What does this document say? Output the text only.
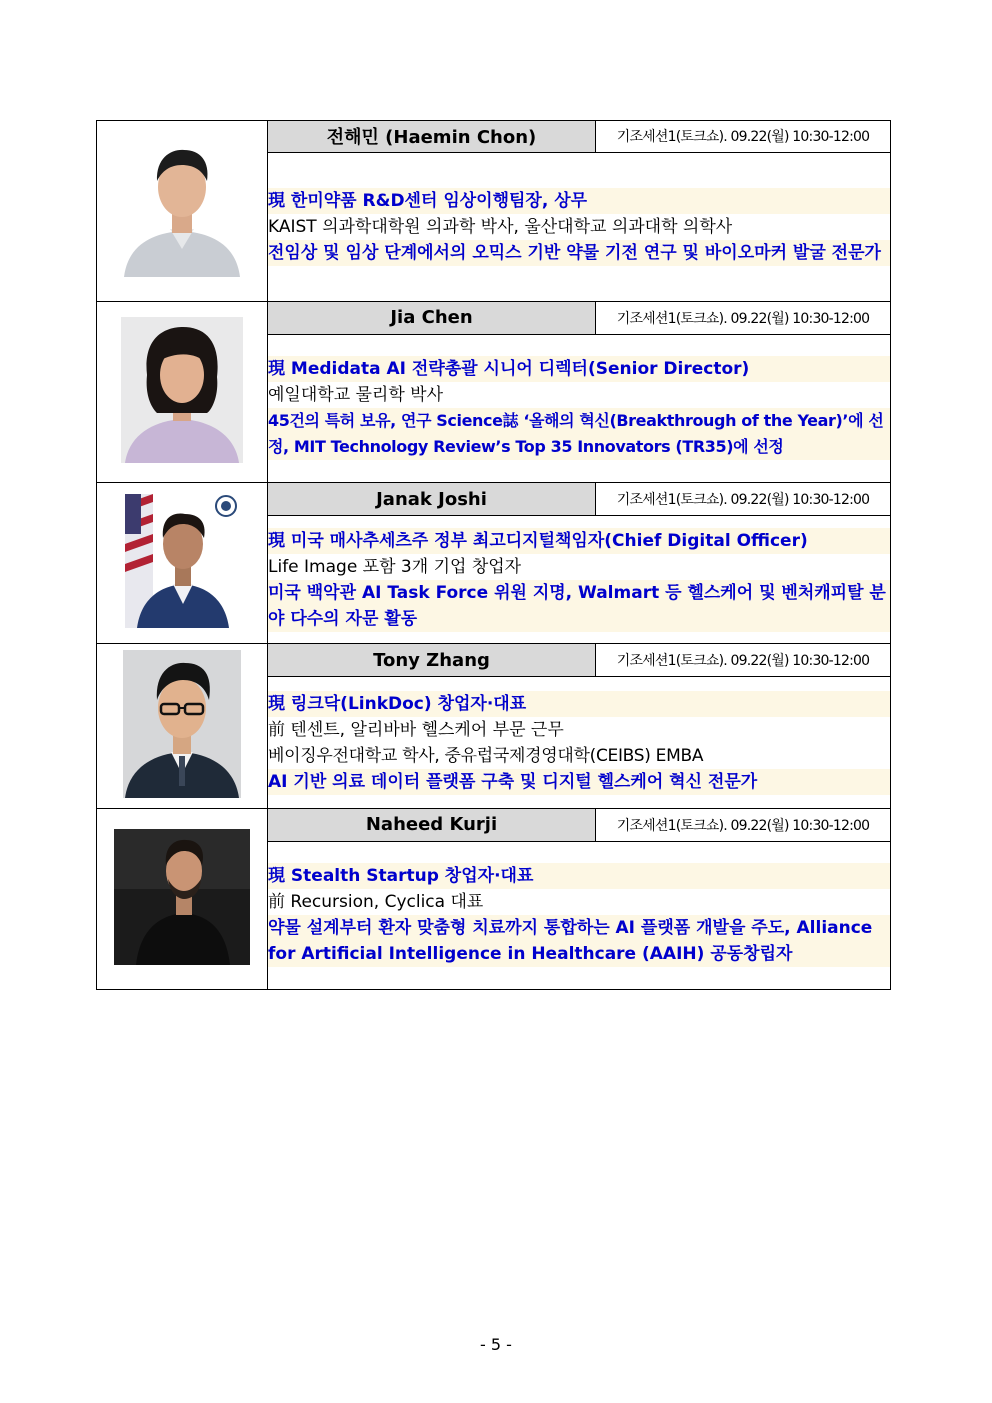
	전해민 (Haemin Chon)	기조세션1(토크쇼). 09.22(월) 10:30-12:00

	現 한미약품 R&D센터 임상이행팀장, 상무
KAIST 의과학대학원 의과학 박사, 울산대학교 의과대학 의학사
전임상 및 임상 단계에서의 오믹스 기반 약물 기전 연구 및 바이오마커 발굴 전문가	

	Jia Chen	기조세션1(토크쇼). 09.22(월) 10:30-12:00

	現 Medidata AI 전략총괄 시니어 디렉터(Senior Director)
예일대학교 물리학 박사
45건의 특허 보유, 연구 Science誌 ‘올해의 혁신(Breakthrough of the Year)’에 선정, MIT Technology Review’s Top 35 Innovators (TR35)에 선정	

	Janak Joshi	기조세션1(토크쇼). 09.22(월) 10:30-12:00

	現 미국 매사추세츠주 정부 최고디지털책임자(Chief Digital Officer)
Life Image 포함 3개 기업 창업자
미국 백악관 AI Task Force 위원 지명, Walmart 등 헬스케어 및 벤처캐피탈 분야 다수의 자문 활동	

	Tony Zhang	기조세션1(토크쇼). 09.22(월) 10:30-12:00

	現 링크닥(LinkDoc) 창업자·대표
前 텐센트, 알리바바 헬스케어 부문 근무
베이징우전대학교 학사, 중유럽국제경영대학(CEIBS) EMBA
AI 기반 의료 데이터 플랫폼 구축 및 디지털 헬스케어 혁신 전문가	

	Naheed Kurji	기조세션1(토크쇼). 09.22(월) 10:30-12:00

	現 Stealth Startup 창업자·대표
前 Recursion, Cyclica 대표
약물 설계부터 환자 맞춤형 치료까지 통합하는 AI 플랫폼 개발을 주도, Alliance for Artificial Intelligence in Healthcare (AAIH) 공동창립자	
- 5 -
